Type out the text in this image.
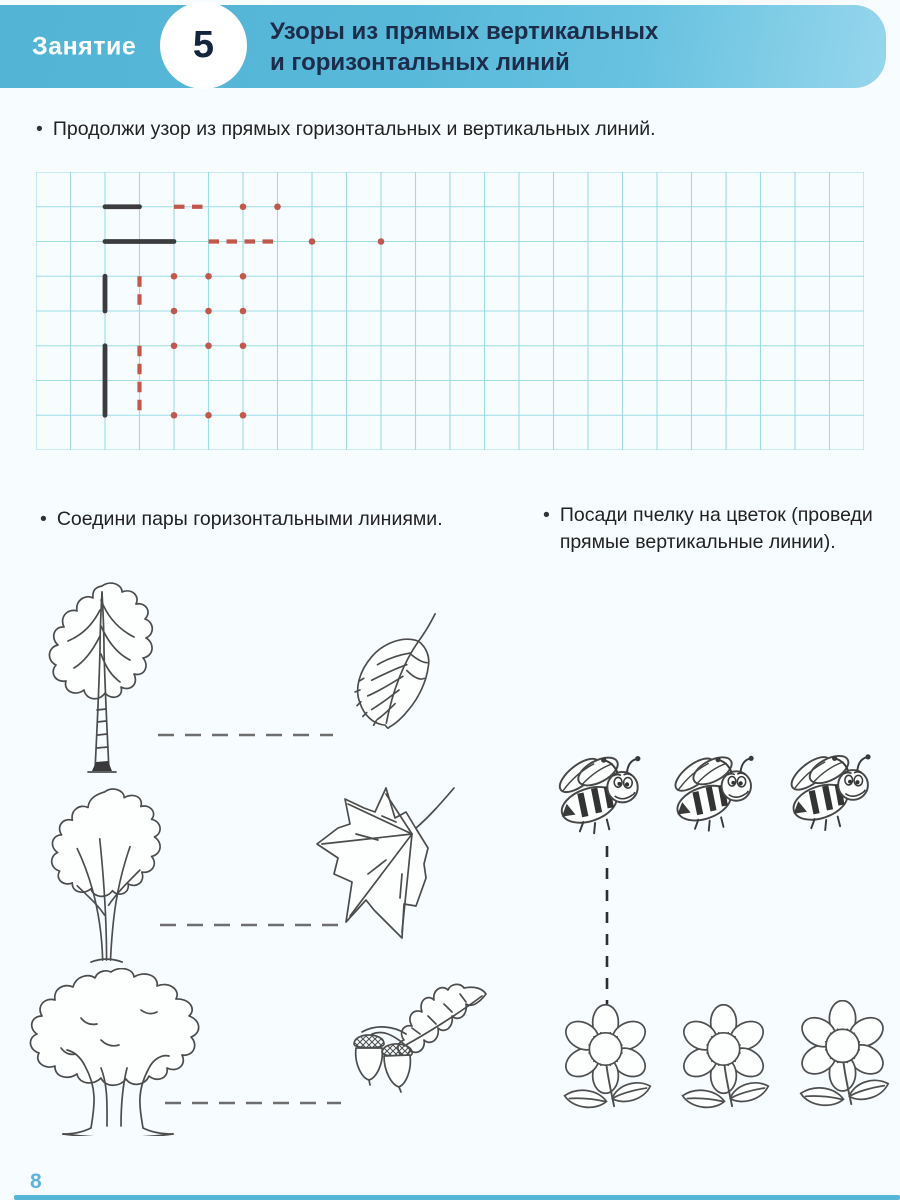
Занятие 5 Узоры из прямых вертикальных
и горизонтальных линий
• Продолжи узор из прямых горизонтальных и вертикальных линий.
• Соедини пары горизонтальными линиями.	• Посади пчелку на цветок (проведи прямые вертикальные линии).
8
